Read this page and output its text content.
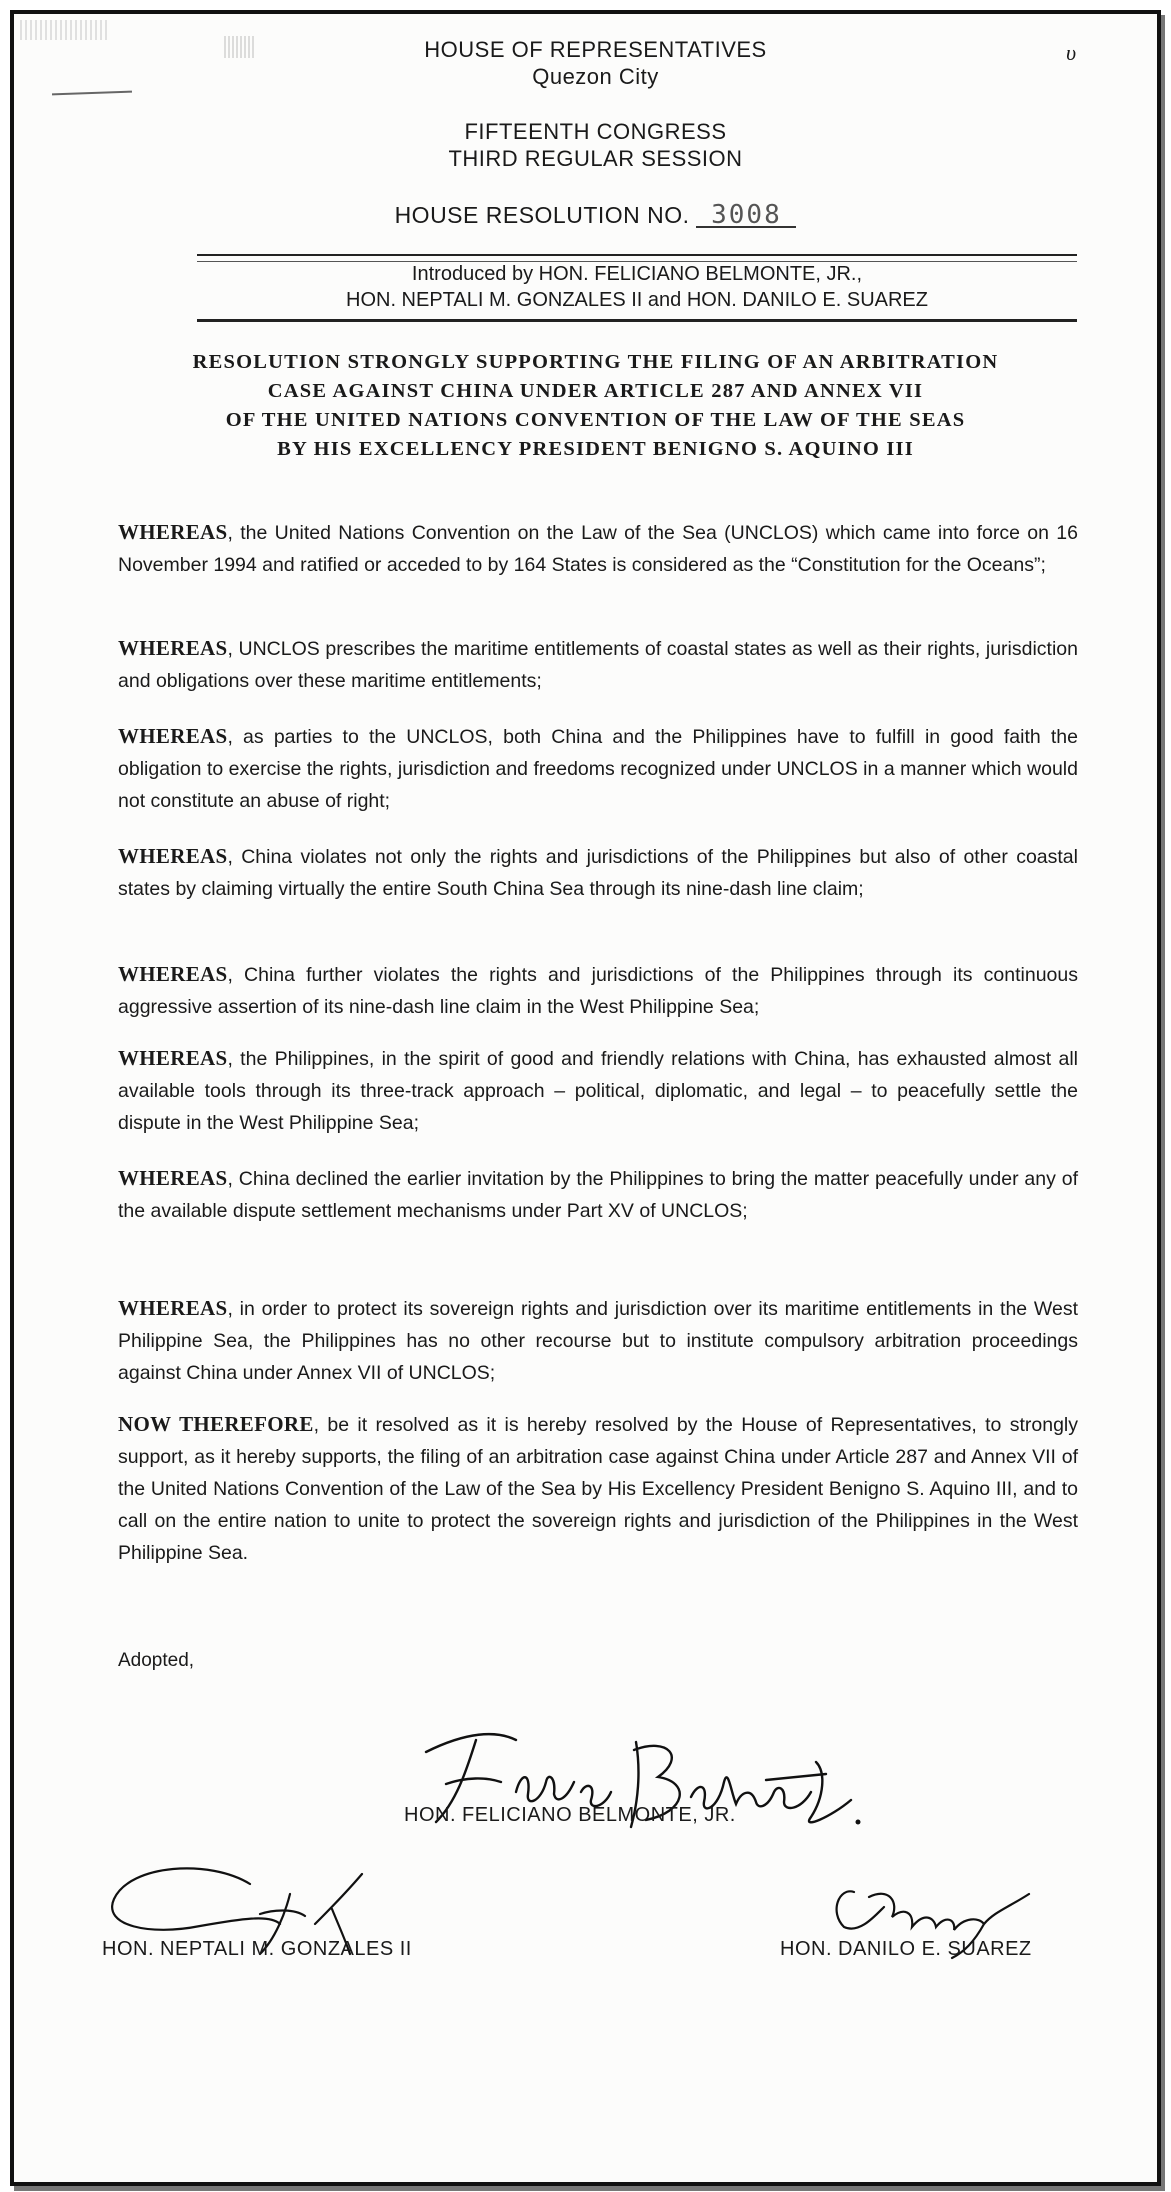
υ
HOUSE OF REPRESENTATIVES
Quezon City
FIFTEENTH CONGRESS
THIRD REGULAR SESSION
HOUSE RESOLUTION NO. 3008
Introduced by HON. FELICIANO BELMONTE, JR.,
HON. NEPTALI M. GONZALES II and HON. DANILO E. SUAREZ
RESOLUTION STRONGLY SUPPORTING THE FILING OF AN ARBITRATION
CASE AGAINST CHINA UNDER ARTICLE 287 AND ANNEX VII
OF THE UNITED NATIONS CONVENTION OF THE LAW OF THE SEAS
BY HIS EXCELLENCY PRESIDENT BENIGNO S. AQUINO III
WHEREAS, the United Nations Convention on the Law of the Sea (UNCLOS) which came into force on 16 November 1994 and ratified or acceded to by 164 States is considered as the “Constitution for the Oceans”;
WHEREAS, UNCLOS prescribes the maritime entitlements of coastal states as well as their rights, jurisdiction and obligations over these maritime entitlements;
WHEREAS, as parties to the UNCLOS, both China and the Philippines have to fulfill in good faith the obligation to exercise the rights, jurisdiction and freedoms recognized under UNCLOS in a manner which would not constitute an abuse of right;
WHEREAS, China violates not only the rights and jurisdictions of the Philippines but also of other coastal states by claiming virtually the entire South China Sea through its nine-dash line claim;
WHEREAS, China further violates the rights and jurisdictions of the Philippines through its continuous aggressive assertion of its nine-dash line claim in the West Philippine Sea;
WHEREAS, the Philippines, in the spirit of good and friendly relations with China, has exhausted almost all available tools through its three-track approach – political, diplomatic, and legal – to peacefully settle the dispute in the West Philippine Sea;
WHEREAS, China declined the earlier invitation by the Philippines to bring the matter peacefully under any of the available dispute settlement mechanisms under Part XV of UNCLOS;
WHEREAS, in order to protect its sovereign rights and jurisdiction over its maritime entitlements in the West Philippine Sea, the Philippines has no other recourse but to institute compulsory arbitration proceedings against China under Annex VII of UNCLOS;
NOW THEREFORE, be it resolved as it is hereby resolved by the House of Representatives, to strongly support, as it hereby supports, the filing of an arbitration case against China under Article 287 and Annex VII of the United Nations Convention of the Law of the Sea by His Excellency President Benigno S. Aquino III, and to call on the entire nation to unite to protect the sovereign rights and jurisdiction of the Philippines in the West Philippine Sea.
Adopted,
HON. FELICIANO BELMONTE, JR.
HON. NEPTALI M. GONZALES II	HON. DANILO E. SUAREZ
